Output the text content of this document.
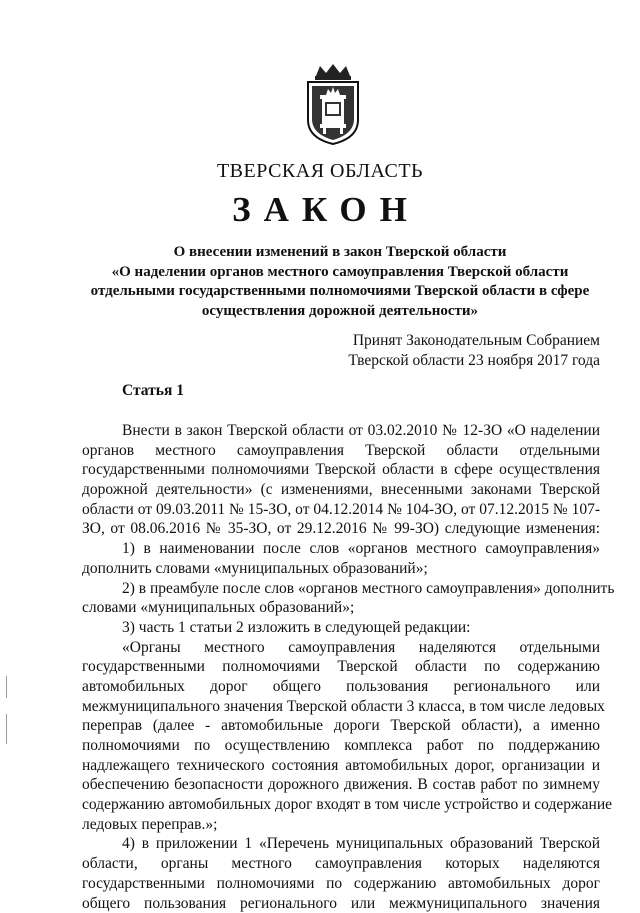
ТВЕРСКАЯ ОБЛАСТЬ
ЗАКОН
О внесении изменений в закон Тверской области
«О наделении органов местного самоуправления Тверской области
отдельными государственными полномочиями Тверской области в сфере
осуществления дорожной деятельности»
Принят Законодательным Собранием
Тверской области 23 ноября 2017 года
Статья 1
Внести в закон Тверской области от 03.02.2010 № 12-ЗО «О наделении
органов местного самоуправления Тверской области отдельными
государственными полномочиями Тверской области в сфере осуществления
дорожной деятельности» (с изменениями, внесенными законами Тверской
области от 09.03.2011 № 15-ЗО, от 04.12.2014 № 104-ЗО, от 07.12.2015 № 107-
ЗО, от 08.06.2016 № 35-ЗО, от 29.12.2016 № 99-ЗО) следующие изменения:
1) в наименовании после слов «органов местного самоуправления»
дополнить словами «муниципальных образований»;
2) в преамбуле после слов «органов местного самоуправления» дополнить
словами «муниципальных образований»;
3) часть 1 статьи 2 изложить в следующей редакции:
«Органы местного самоуправления наделяются отдельными
государственными полномочиями Тверской области по содержанию
автомобильных дорог общего пользования регионального или
межмуниципального значения Тверской области 3 класса, в том числе ледовых
переправ (далее - автомобильные дороги Тверской области), а именно
полномочиями по осуществлению комплекса работ по поддержанию
надлежащего технического состояния автомобильных дорог, организации и
обеспечению безопасности дорожного движения. В состав работ по зимнему
содержанию автомобильных дорог входят в том числе устройство и содержание
ледовых переправ.»;
4) в приложении 1 «Перечень муниципальных образований Тверской
области, органы местного самоуправления которых наделяются
государственными полномочиями по содержанию автомобильных дорог
общего пользования регионального или межмуниципального значения
